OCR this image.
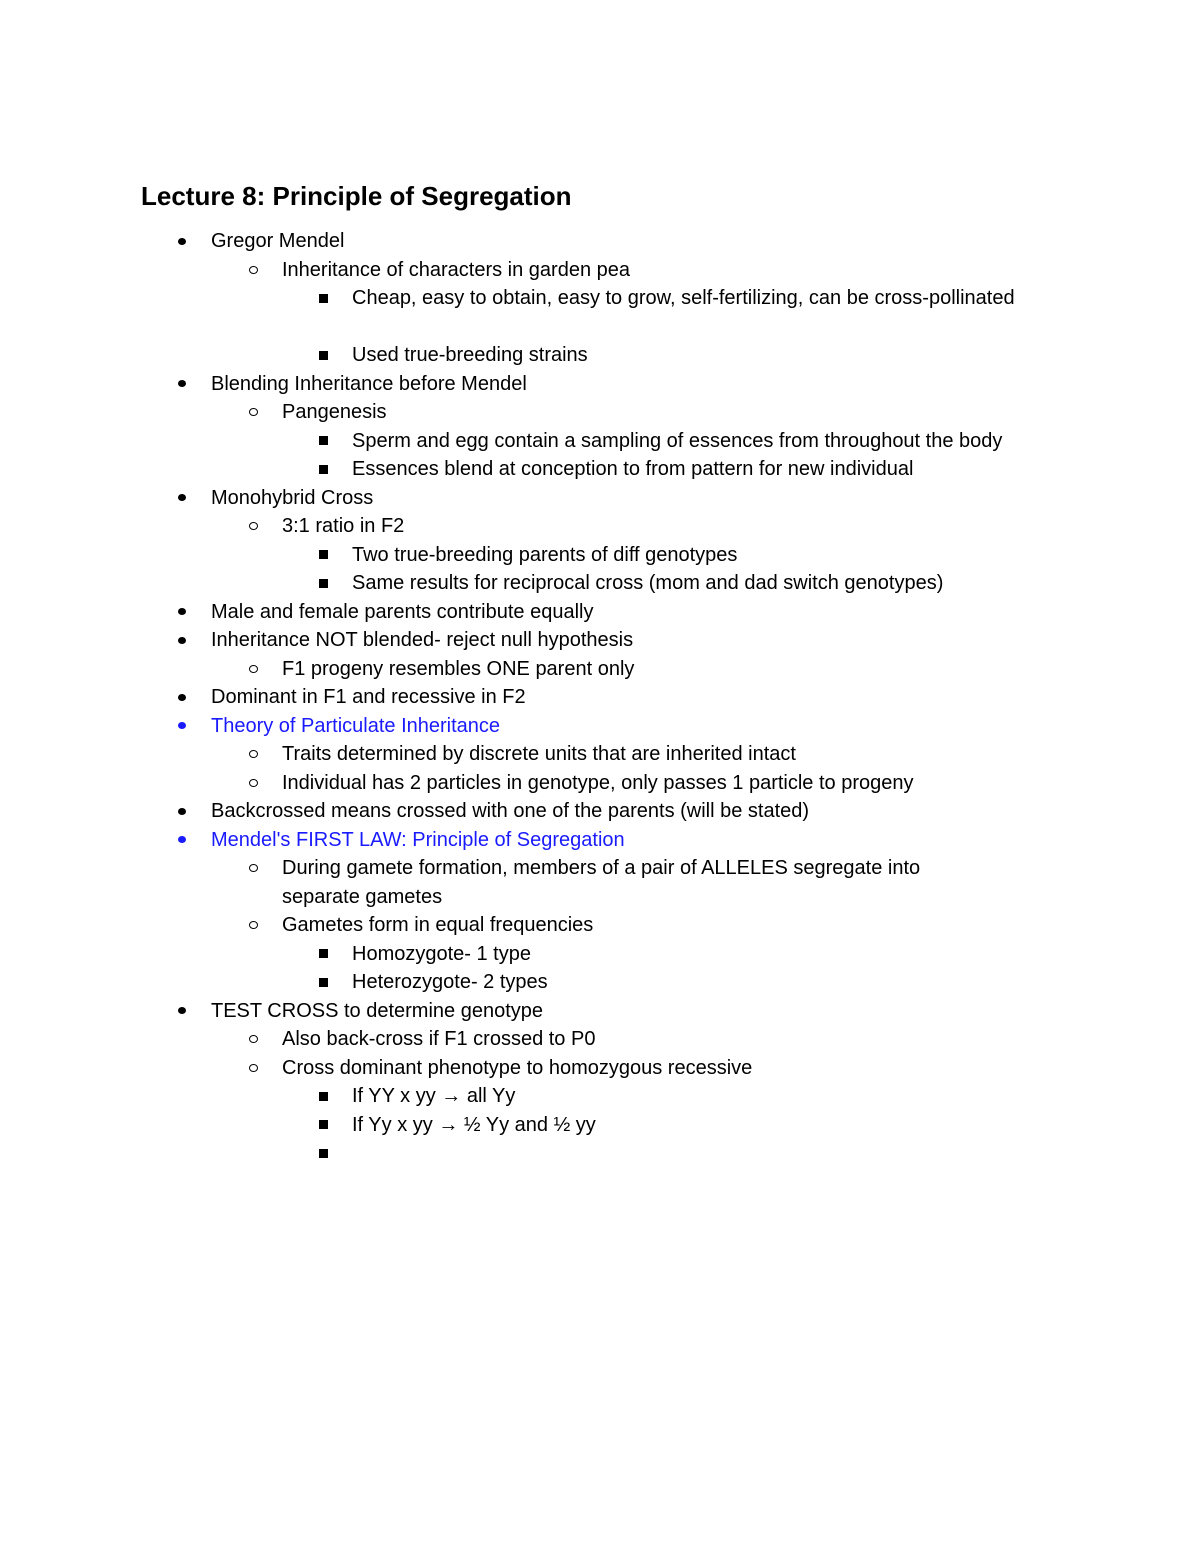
Lecture 8: Principle of Segregation
Gregor Mendel
Inheritance of characters in garden pea
Cheap, easy to obtain, easy to grow, self-fertilizing, can be cross-pollinated
Used true-breeding strains
Blending Inheritance before Mendel
Pangenesis
Sperm and egg contain a sampling of essences from throughout the body
Essences blend at conception to from pattern for new individual
Monohybrid Cross
3:1 ratio in F2
Two true-breeding parents of diff genotypes
Same results for reciprocal cross (mom and dad switch genotypes)
Male and female parents contribute equally
Inheritance NOT blended- reject null hypothesis
F1 progeny resembles ONE parent only
Dominant in F1 and recessive in F2
Theory of Particulate Inheritance
Traits determined by discrete units that are inherited intact
Individual has 2 particles in genotype, only passes 1 particle to progeny
Backcrossed means crossed with one of the parents (will be stated)
Mendel's FIRST LAW: Principle of Segregation
During gamete formation, members of a pair of ALLELES segregate into separate gametes
Gametes form in equal frequencies
Homozygote- 1 type
Heterozygote- 2 types
TEST CROSS to determine genotype
Also back-cross if F1 crossed to P0
Cross dominant phenotype to homozygous recessive
If YY x yy → all Yy
If Yy x yy → ½ Yy and ½ yy
